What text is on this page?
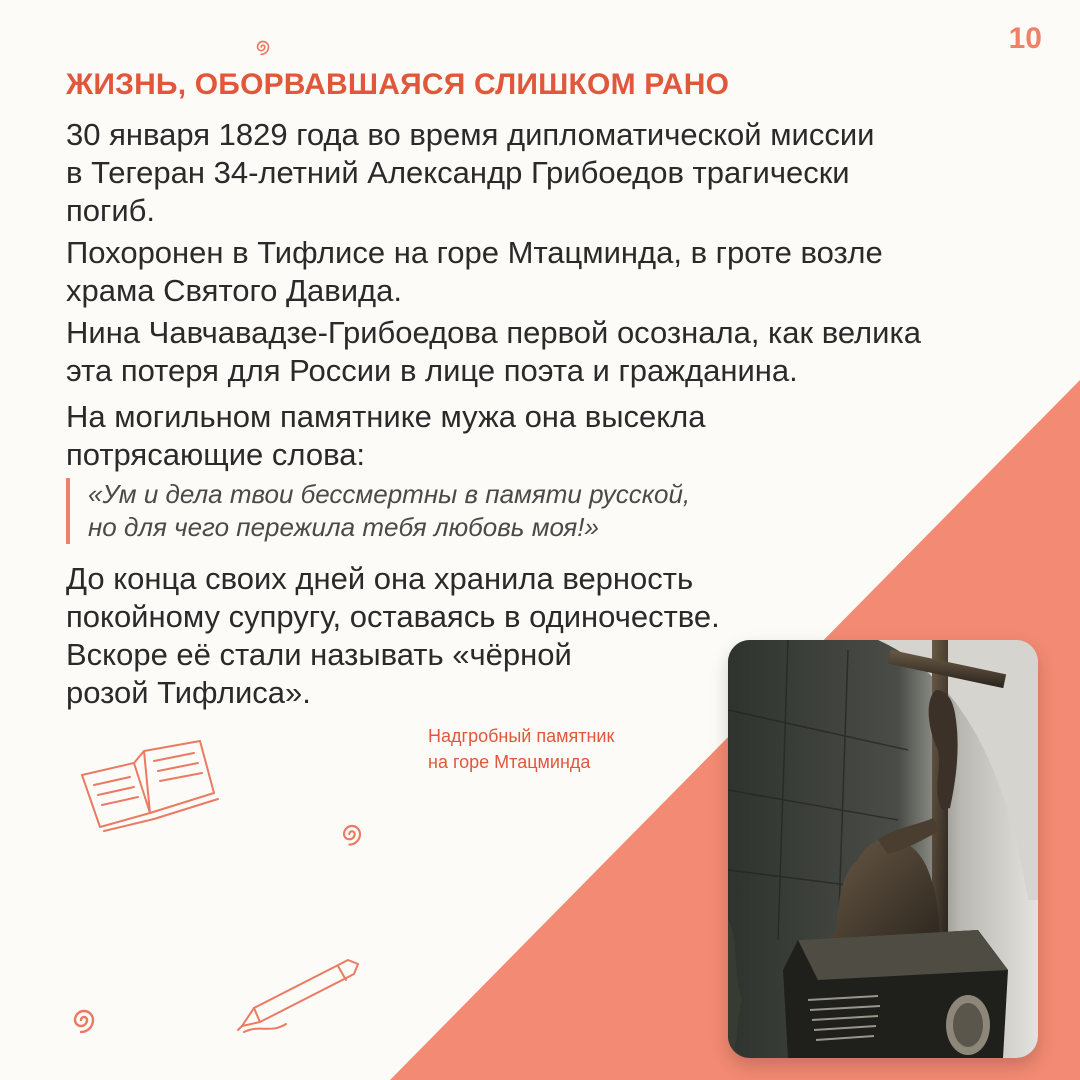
10
ЖИЗНЬ, ОБОРВАВШАЯСЯ СЛИШКОМ РАНО

30 января 1829 года во время дипломатической миссии

в Тегеран 34-летний Александр Грибоедов трагически

погиб.

Похоронен в Тифлисе на горе Мтацминда, в гроте возле

храма Святого Давида.

Нина Чавчавадзе-Грибоедова первой осознала, как велика

эта потеря для России в лице поэта и гражданина.

На могильном памятнике мужа она высекла

потрясающие слова:

«Ум и дела твои бессмертны в памяти русской,

но для чего пережила тебя любовь моя!»

До конца своих дней она хранила верность

покойному супругу, оставаясь в одиночестве.

Вскоре её стали называть «чёрной

розой Тифлиса».

Надгробный памятник
на горе Мтацминда
